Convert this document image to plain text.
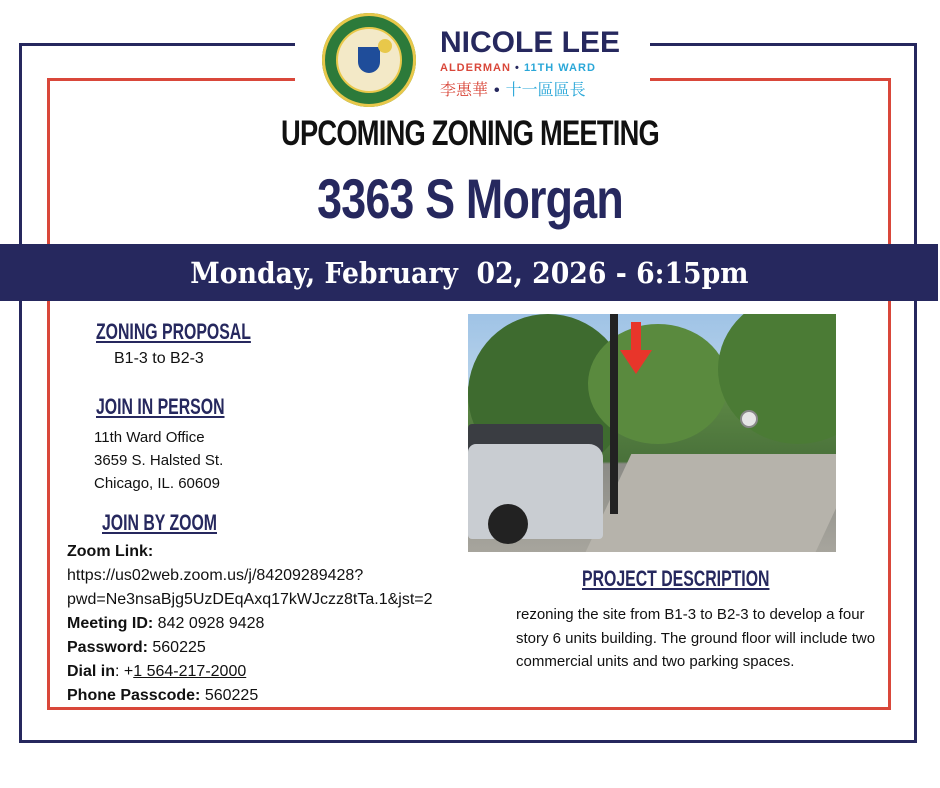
NICOLE LEE
ALDERMAN • 11TH WARD
李惠華 • 十一區區長
UPCOMING ZONING MEETING
3363 S Morgan
Monday, February  02, 2026 - 6:15pm
ZONING PROPOSAL
B1-3 to B2-3
JOIN IN PERSON
11th Ward Office
3659 S. Halsted St.
Chicago, IL. 60609
JOIN BY ZOOM
Zoom Link:
https://us02web.zoom.us/j/84209289428?
pwd=Ne3nsaBjg5UzDEqAxq17kWJczz8tTa.1&jst=2
Meeting ID: 842 0928 9428
Password: 560225
Dial in: +1 564-217-2000
Phone Passcode: 560225
PROJECT DESCRIPTION
rezoning the site from B1-3 to B2-3 to develop a four story 6 units building. The ground floor will include two commercial units and two parking spaces.
